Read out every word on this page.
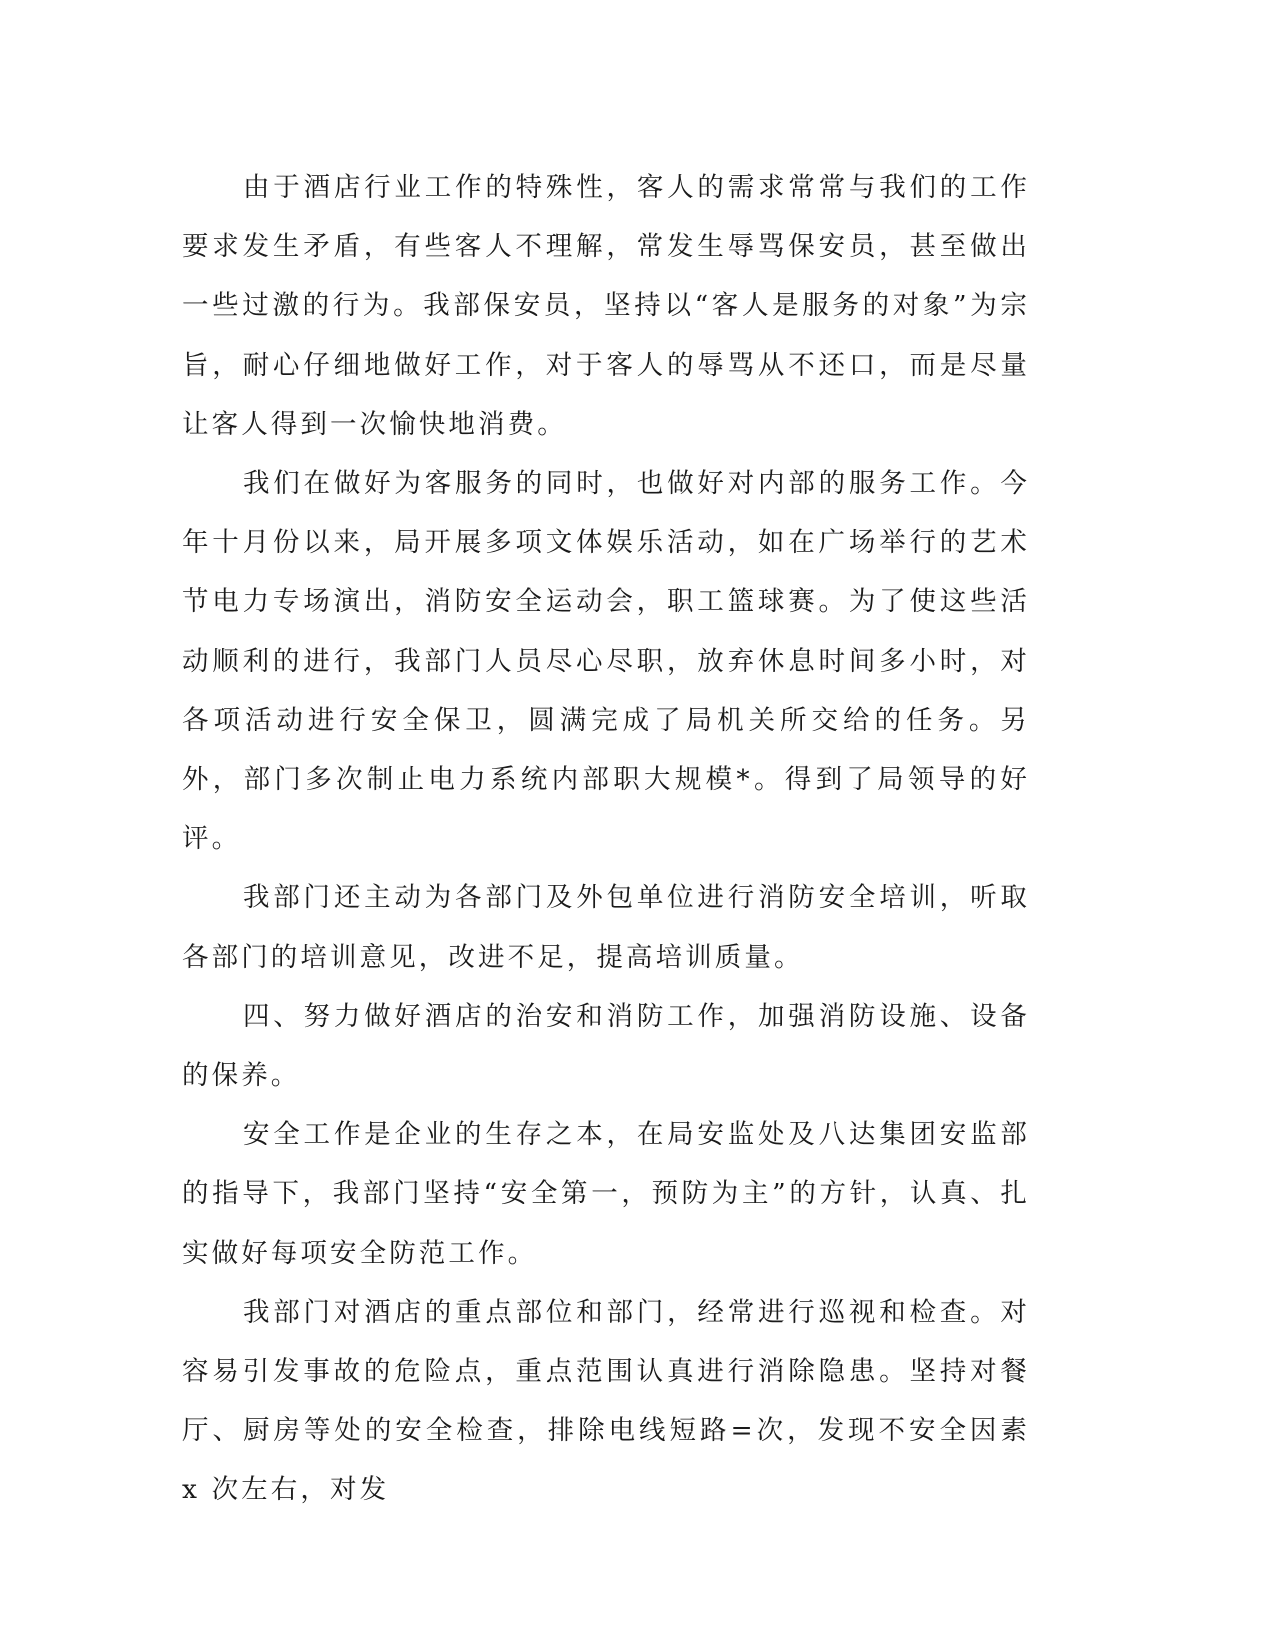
由于酒店行业工作的特殊性，客人的需求常常与我们的工作要求发生矛盾，有些客人不理解，常发生辱骂保安员，甚至做出一些过激的行为。我部保安员，坚持以“客人是服务的对象”为宗旨，耐心仔细地做好工作，对于客人的辱骂从不还口，而是尽量让客人得到一次愉快地消费。

我们在做好为客服务的同时，也做好对内部的服务工作。今年十月份以来，局开展多项文体娱乐活动，如在广场举行的艺术节电力专场演出，消防安全运动会，职工篮球赛。为了使这些活动顺利的进行，我部门人员尽心尽职，放弃休息时间多小时，对各项活动进行安全保卫，圆满完成了局机关所交给的任务。另外，部门多次制止电力系统内部职大规模*。得到了局领导的好评。

我部门还主动为各部门及外包单位进行消防安全培训，听取各部门的培训意见，改进不足，提高培训质量。

四、努力做好酒店的治安和消防工作，加强消防设施、设备的保养。

安全工作是企业的生存之本，在局安监处及八达集团安监部的指导下，我部门坚持“安全第一，预防为主”的方针，认真、扎实做好每项安全防范工作。

我部门对酒店的重点部位和部门，经常进行巡视和检查。对容易引发事故的危险点，重点范围认真进行消除隐患。坚持对餐厅、厨房等处的安全检查，排除电线短路=次，发现不安全因素 x 次左右，对发
